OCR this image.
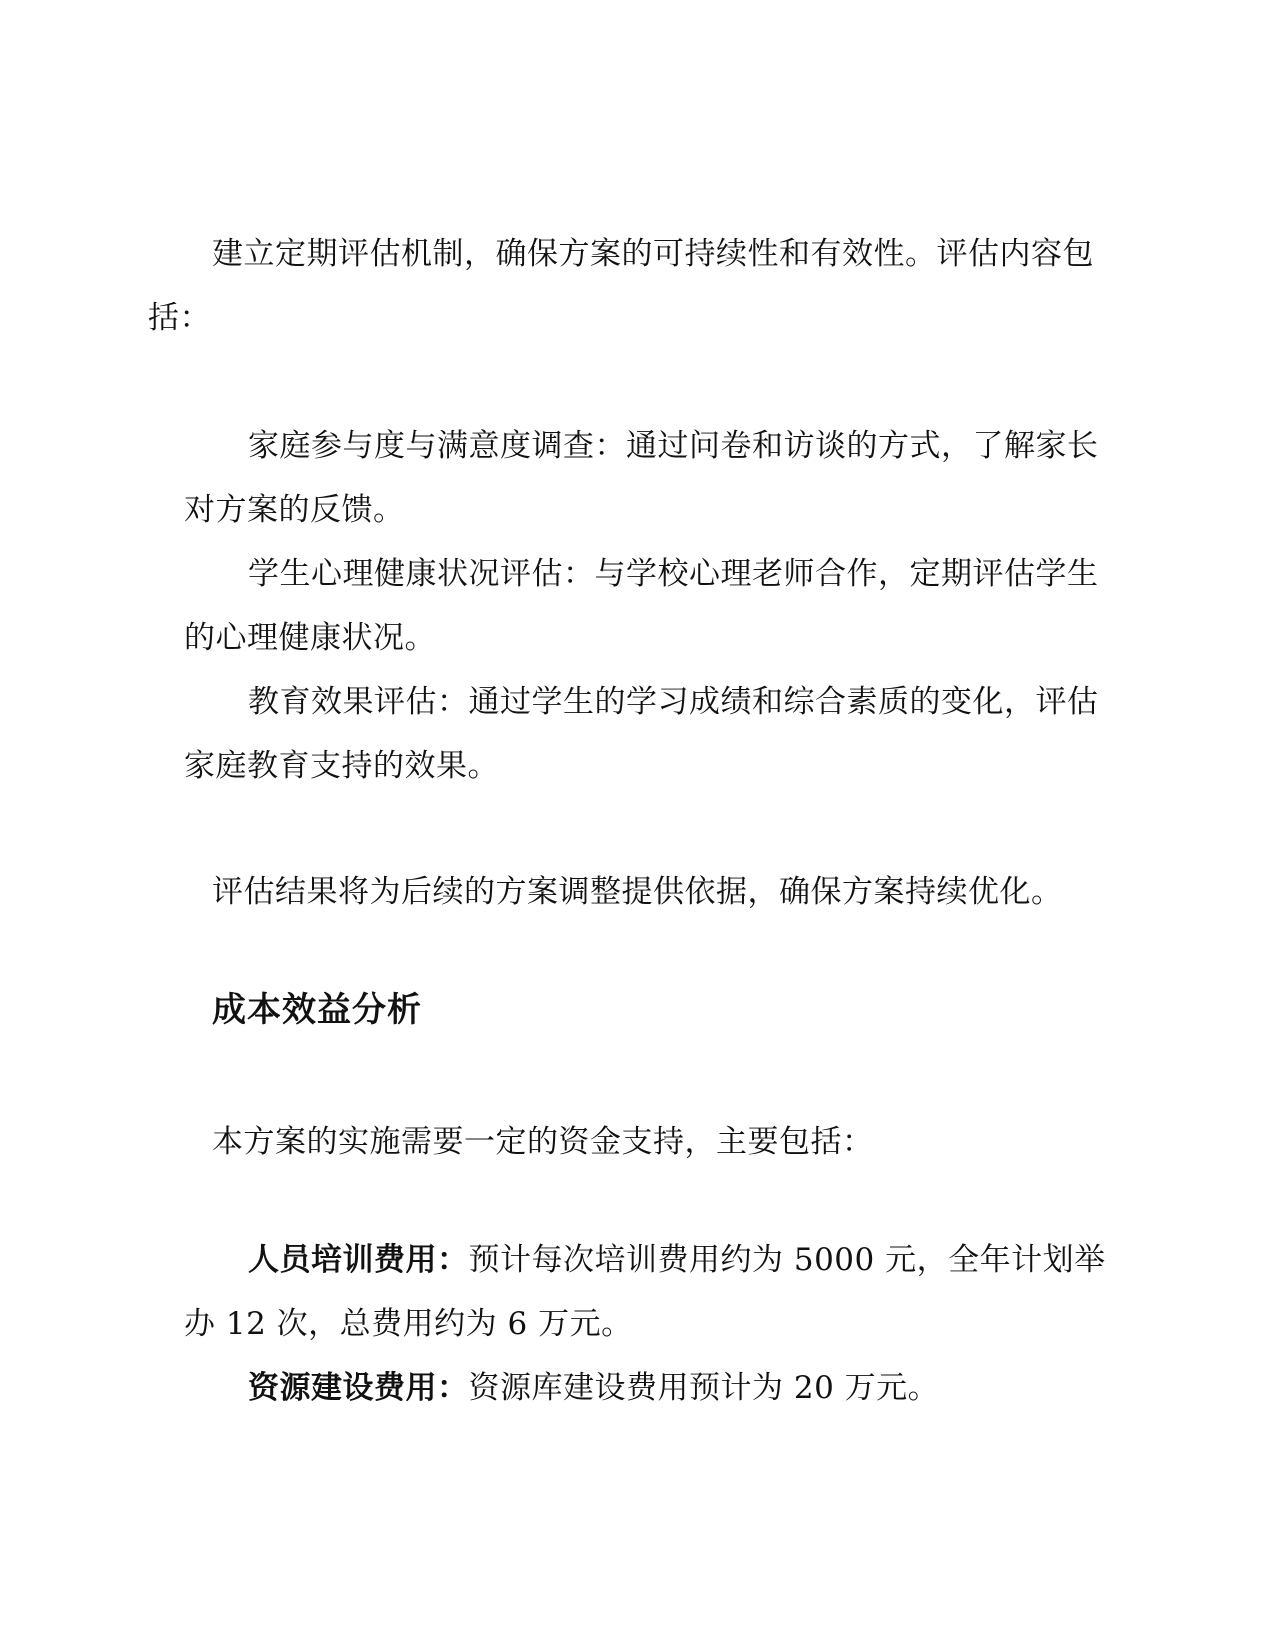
建立定期评估机制，确保方案的可持续性和有效性。评估内容包括：

家庭参与度与满意度调查：通过问卷和访谈的方式，了解家长对方案的反馈。

学生心理健康状况评估：与学校心理老师合作，定期评估学生的心理健康状况。

教育效果评估：通过学生的学习成绩和综合素质的变化，评估家庭教育支持的效果。

评估结果将为后续的方案调整提供依据，确保方案持续优化。

成本效益分析

本方案的实施需要一定的资金支持，主要包括：

人员培训费用：预计每次培训费用约为 5000 元，全年计划举办 12 次，总费用约为 6 万元。

资源建设费用：资源库建设费用预计为 20 万元。
